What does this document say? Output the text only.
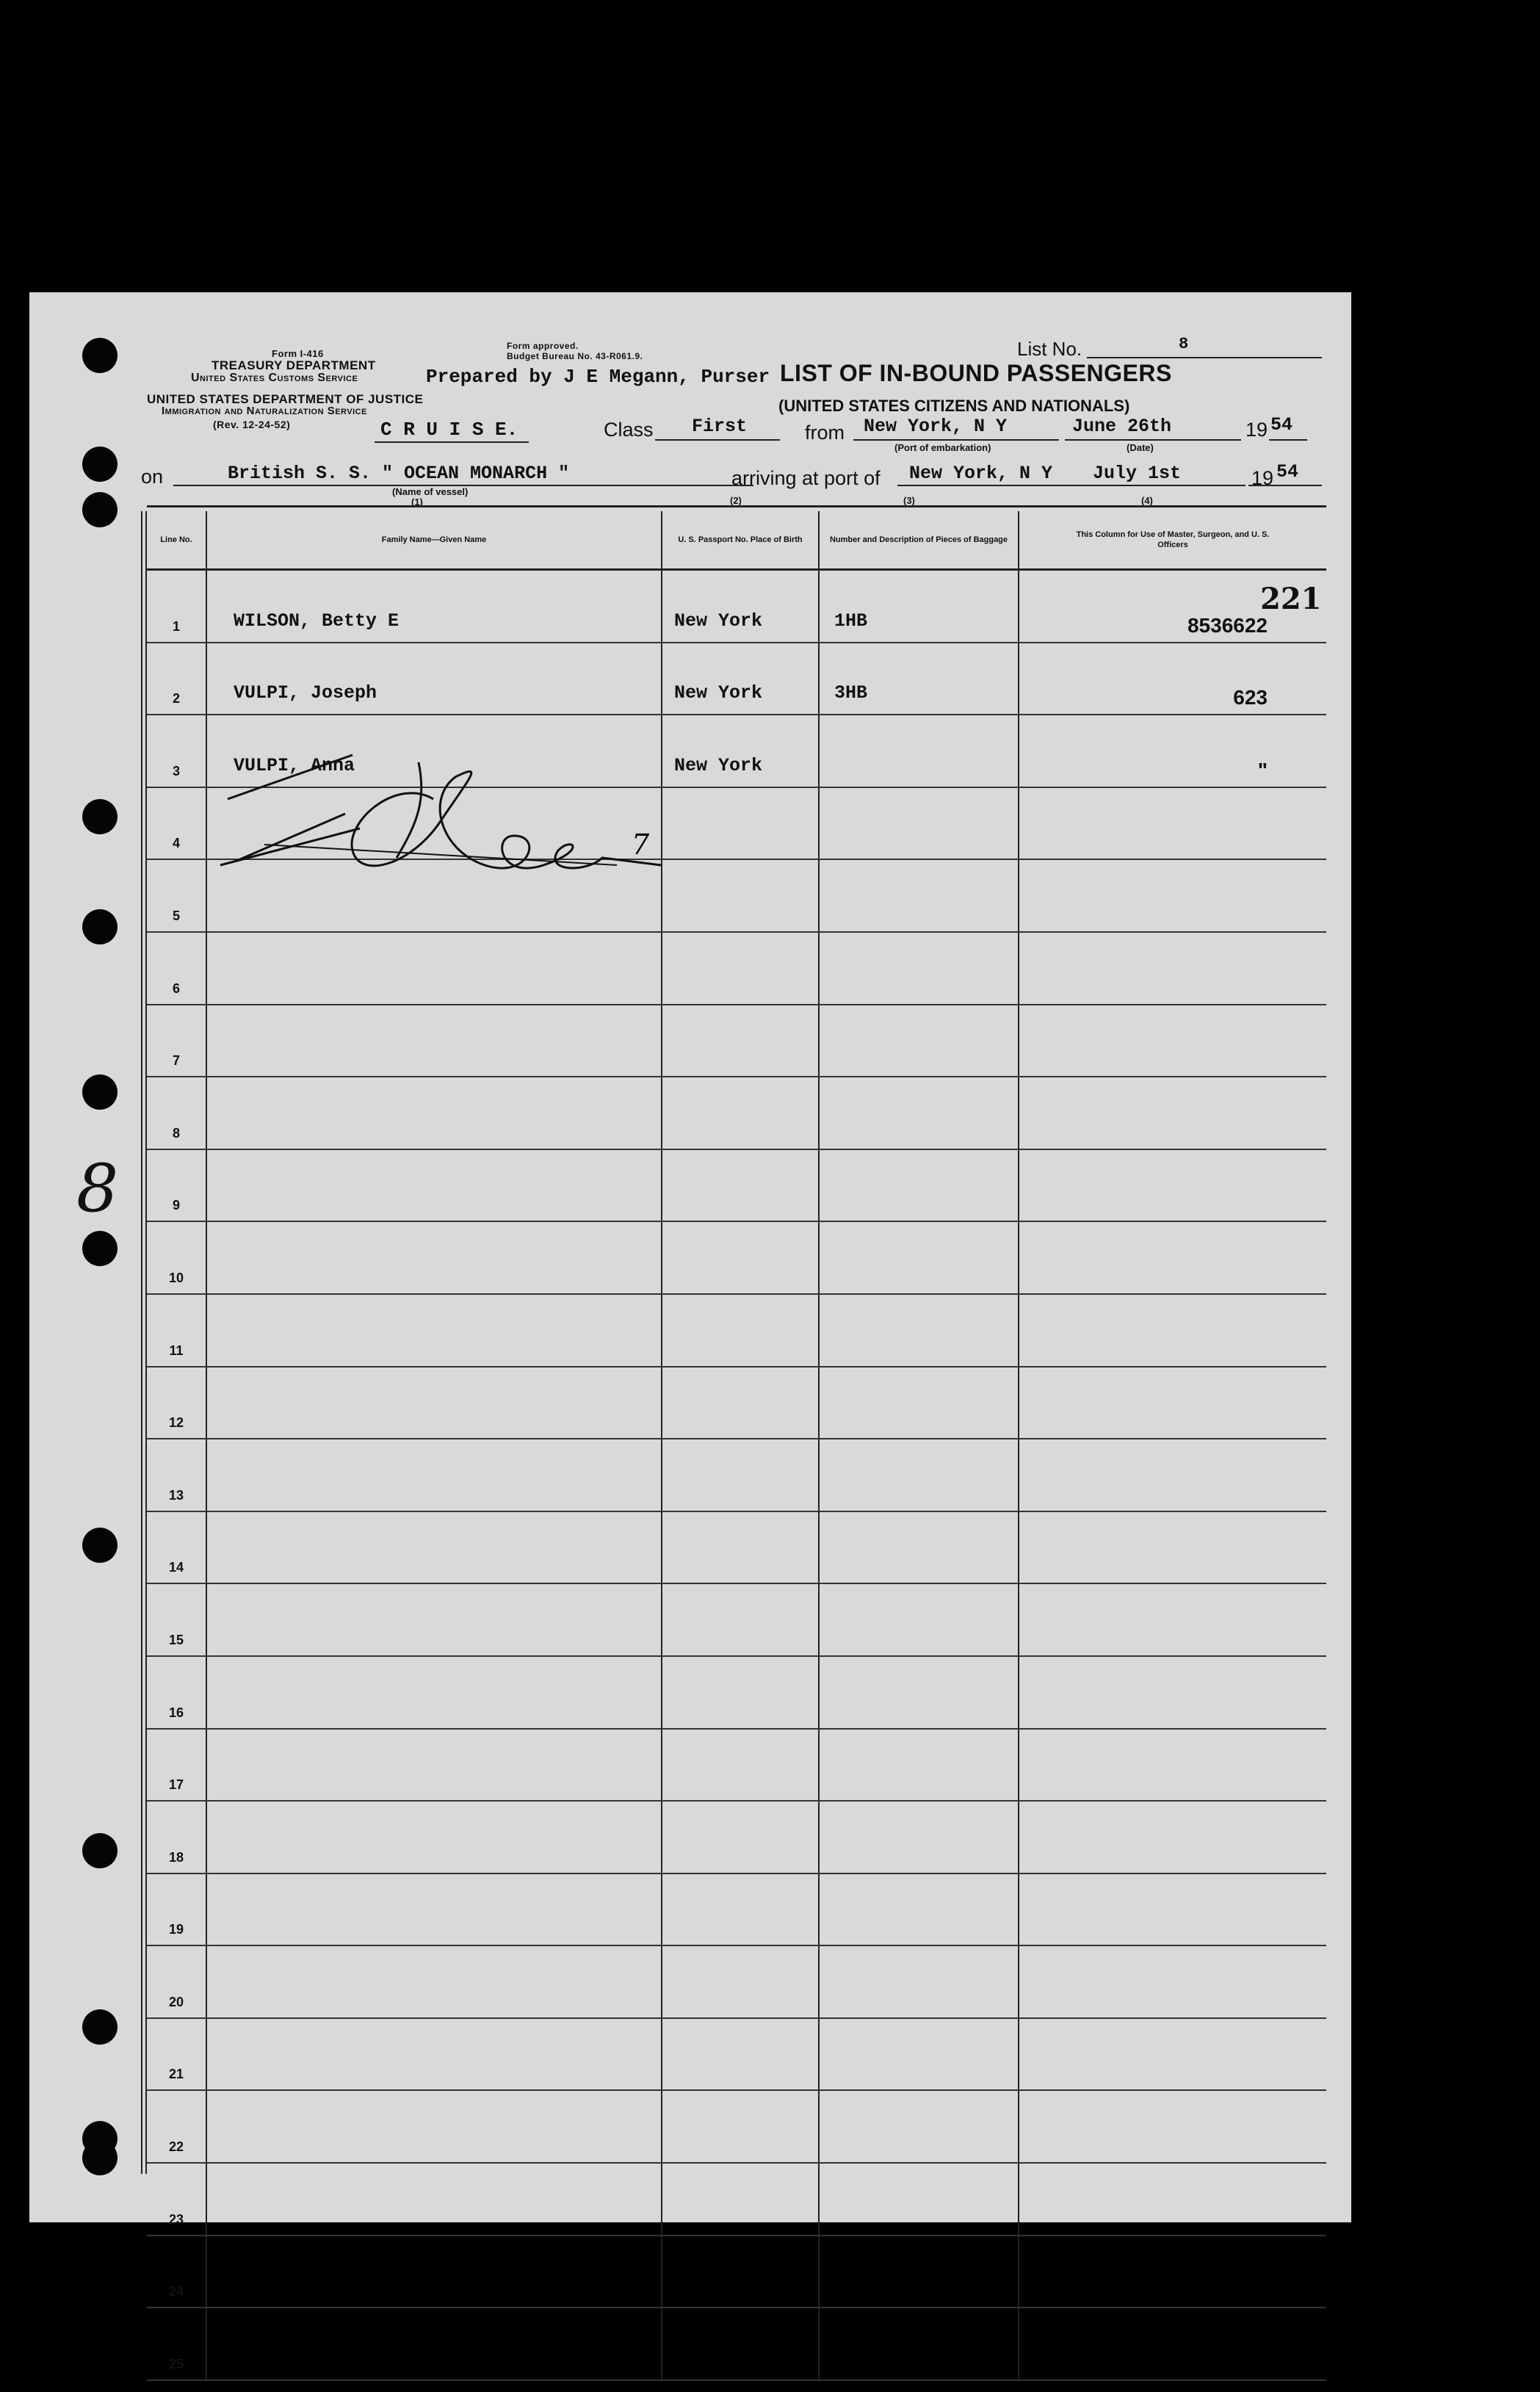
Form I-416
Form approved.
Budget Bureau No. 43-R061.9.
TREASURY DEPARTMENT
United States Customs Service	Prepared by J E Megann, Purser LIST OF IN-BOUND PASSENGERS
List No.	8
UNITED STATES DEPARTMENT OF JUSTICE
Immigration and Naturalization Service
(Rev. 12-24-52)	C R U I S E.
(UNITED STATES CITIZENS AND NATIONALS)
Class First	from New York, N Y
(Port of embarkation)
June 26th
(Date)
19 54
on	British S. S. " OCEAN MONARCH "
(Name of vessel)
(1)
arriving at port of
(2)
New York, N Y July 1st
(3)	(4)
19 54
Line No.	Family Name—Given Name	U. S. Passport No. Place of Birth	Number and Description of Pieces of Baggage	This Column for Use of Master, Surgeon, and U. S. Officers
1	WILSON, Betty E	New York	1HB	8536622

2	VULPI, Joseph	New York	3HB	623

3	VULPI, Anna	New York		"

4	

5	

6	

7	

8	

9	

10	

11	

12	

13	

14	

15	

16	

17	

18	

19	

20	

21	

22	

23	

24	

25	

221
8
7
